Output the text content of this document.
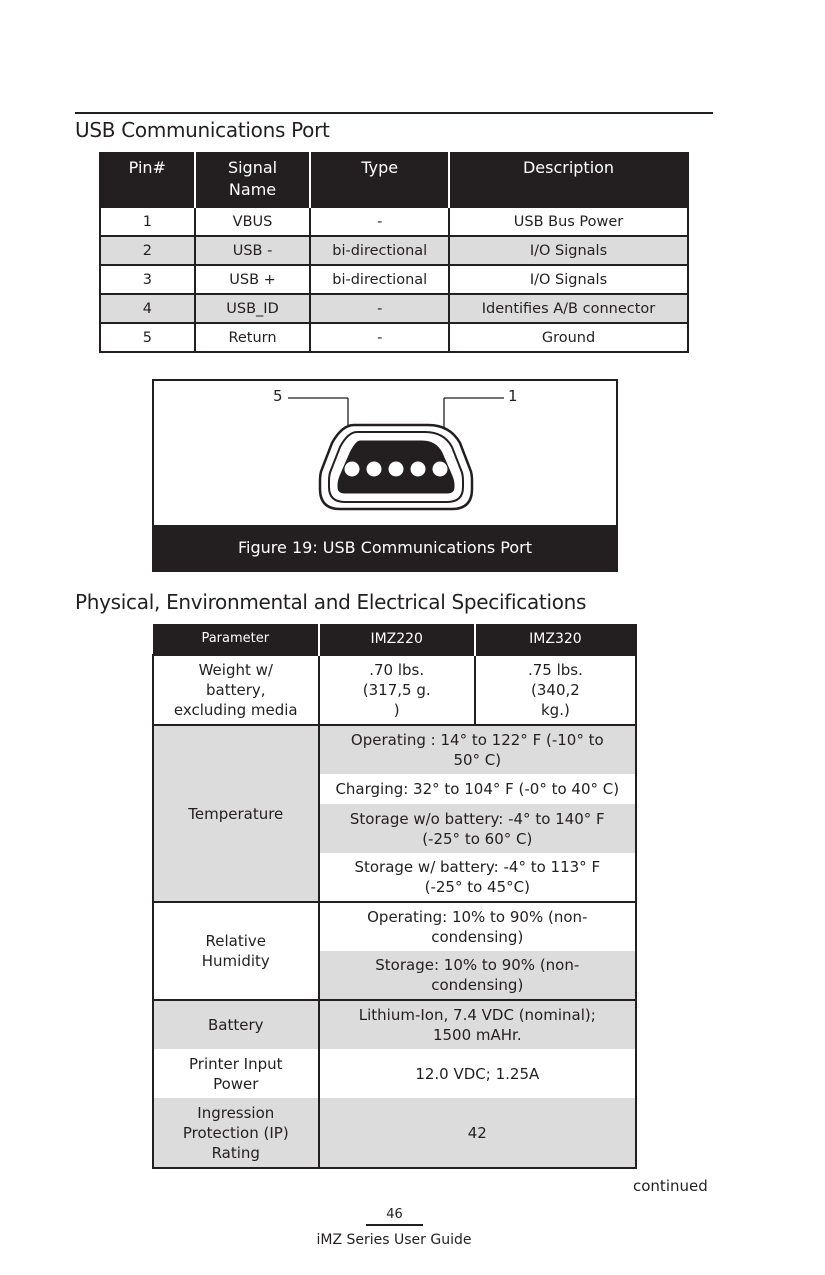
USB Communications Port
Pin#	Signal Name	Type	Description
1	VBUS	-	USB Bus Power
2	USB -	bi-directional	I/O Signals
3	USB +	bi-directional	I/O Signals
4	USB_ID	-	Identifies A/B connector
5	Return	-	Ground
5	1
Figure 19: USB Communications Port
Physical, Environmental and Electrical Specifications
Parameter	IMZ220	IMZ320
Weight w/ battery, excluding media	.70 lbs. (317,5 g. )	.75 lbs. (340,2 kg.)
Temperature	Operating : 14° to 122° F (-10° to 50° C)	
	Charging: 32° to 104° F (-0° to 40° C)	
	Storage w/o battery: -4° to 140° F (-25° to 60° C)	
	Storage w/ battery: -4° to 113° F (-25° to 45°C)	
Relative Humidity	Operating: 10% to 90% (non-condensing)	
	Storage: 10% to 90% (non-condensing)	
Battery	Lithium-Ion, 7.4 VDC (nominal); 1500 mAHr.	
Printer Input Power	12.0 VDC; 1.25A	
Ingression Protection (IP) Rating	42	
continued
46
iMZ Series User Guide
